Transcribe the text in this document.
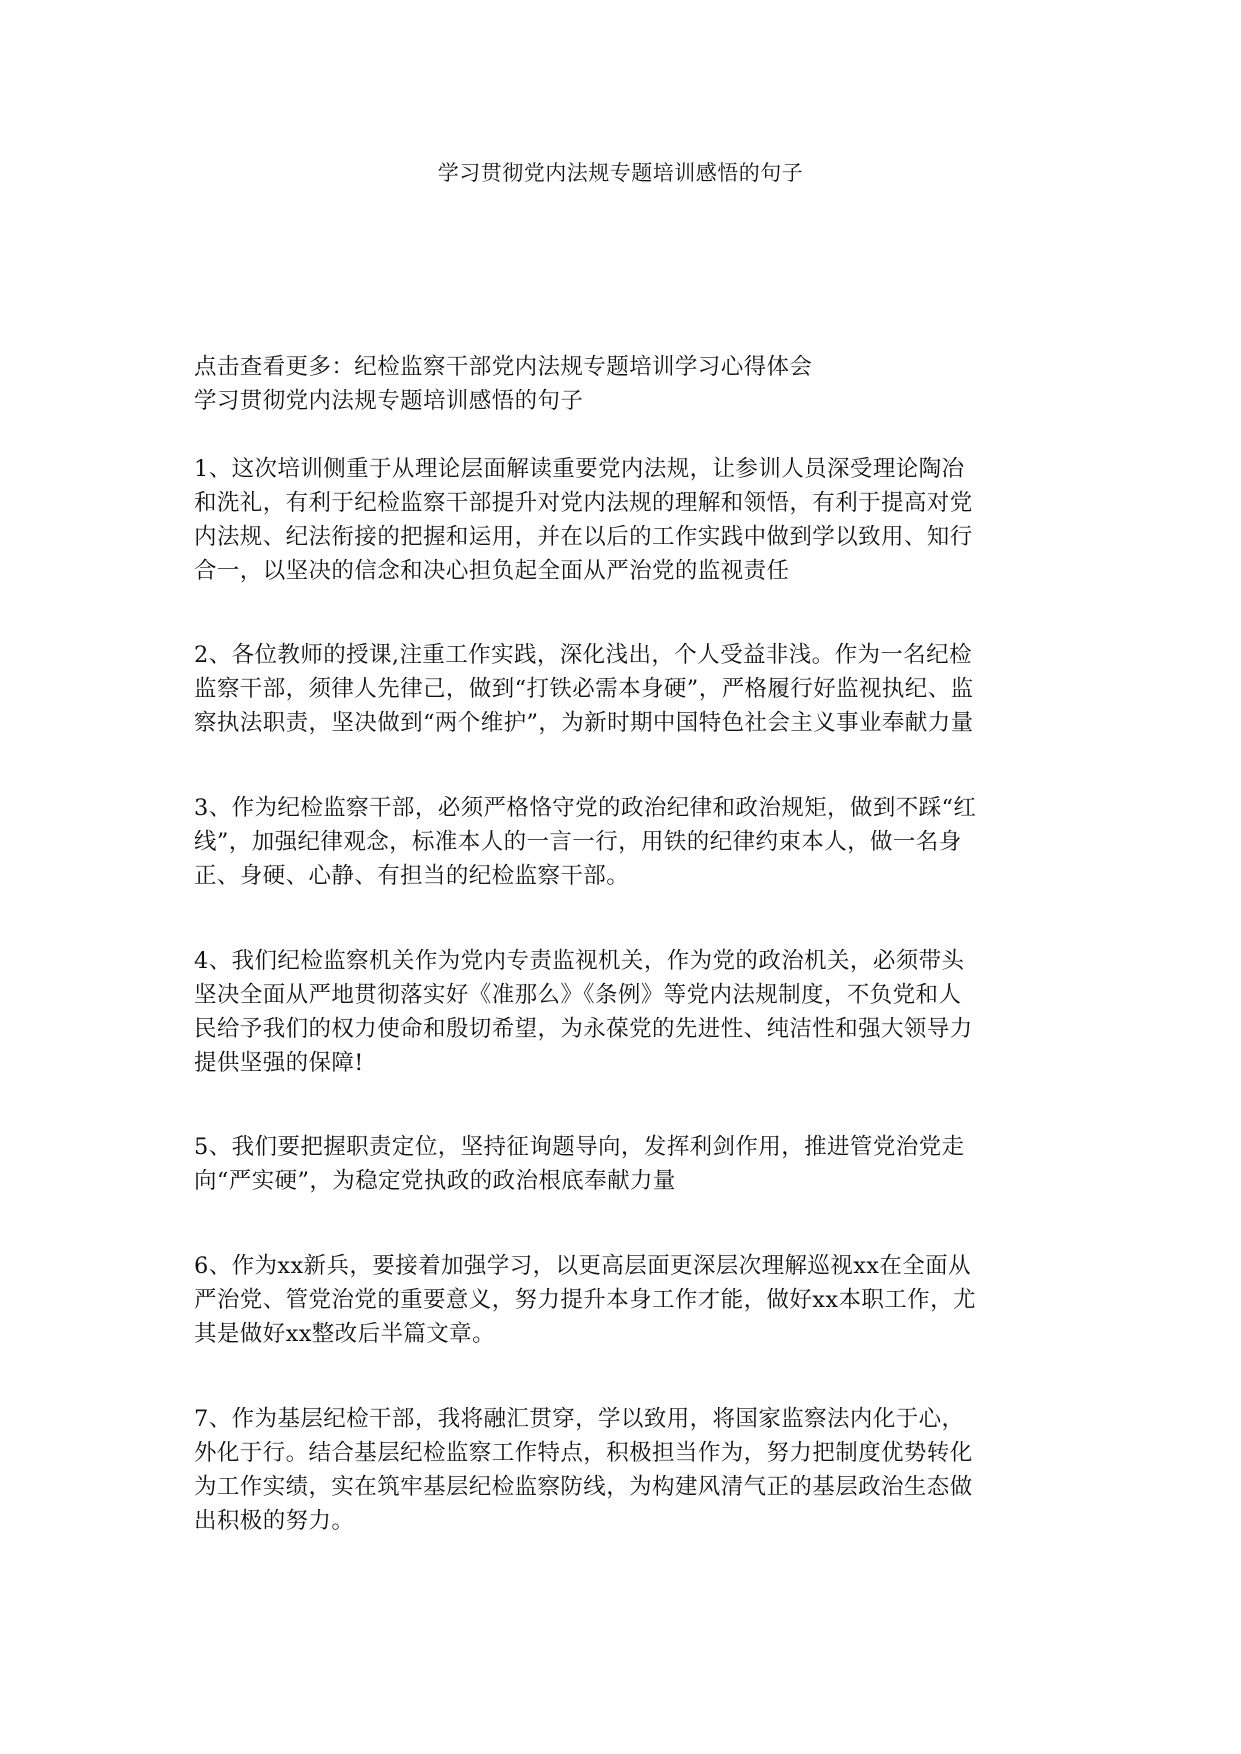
学习贯彻党内法规专题培训感悟的句子
点击查看更多：纪检监察干部党内法规专题培训学习心得体会
学习贯彻党内法规专题培训感悟的句子
1、这次培训侧重于从理论层面解读重要党内法规，让参训人员深受理论陶冶
和洗礼，有利于纪检监察干部提升对党内法规的理解和领悟，有利于提高对党
内法规、纪法衔接的把握和运用，并在以后的工作实践中做到学以致用、知行
合一，以坚决的信念和决心担负起全面从严治党的监视责任
2、各位教师的授课,注重工作实践，深化浅出，个人受益非浅。作为一名纪检
监察干部，须律人先律己，做到“打铁必需本身硬”，严格履行好监视执纪、监
察执法职责，坚决做到“两个维护”，为新时期中国特色社会主义事业奉献力量
3、作为纪检监察干部，必须严格恪守党的政治纪律和政治规矩，做到不踩“红
线”，加强纪律观念，标准本人的一言一行，用铁的纪律约束本人，做一名身
正、身硬、心静、有担当的纪检监察干部。
4、我们纪检监察机关作为党内专责监视机关，作为党的政治机关，必须带头
坚决全面从严地贯彻落实好《准那么》《条例》等党内法规制度，不负党和人
民给予我们的权力使命和殷切希望，为永葆党的先进性、纯洁性和强大领导力
提供坚强的保障!
5、我们要把握职责定位，坚持征询题导向，发挥利剑作用，推进管党治党走
向“严实硬”，为稳定党执政的政治根底奉献力量
6、作为xx新兵，要接着加强学习，以更高层面更深层次理解巡视xx在全面从
严治党、管党治党的重要意义，努力提升本身工作才能，做好xx本职工作，尤
其是做好xx整改后半篇文章。
7、作为基层纪检干部，我将融汇贯穿，学以致用，将国家监察法内化于心，
外化于行。结合基层纪检监察工作特点，积极担当作为，努力把制度优势转化
为工作实绩，实在筑牢基层纪检监察防线，为构建风清气正的基层政治生态做
出积极的努力。
